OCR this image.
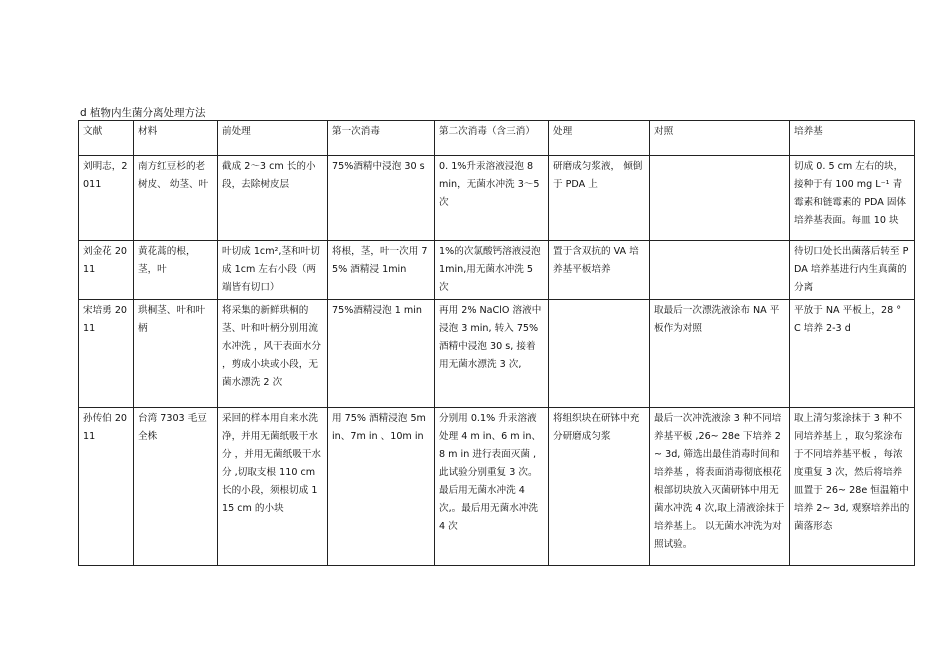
d 植物内生菌分离处理方法
文献	材料	前处理	第一次消毒	第二次消毒（含三消）	处理	对照	培养基
刘明志，2011	南方红豆杉的老树皮、 幼茎、叶	截成 2～3 cm 长的小段，去除树皮层	75%酒精中浸泡 30 s	0. 1%升汞溶液浸泡 8 min，无菌水冲洗 3～5 次	研磨成匀浆液， 倾倒于 PDA 上		切成 0. 5 cm 左右的块，接种于有 100 mg L⁻¹ 青霉素和链霉素的 PDA 固体培养基表面。每皿 10 块
刘金花 2011	黄花蒿的根，茎，叶	叶切成 1cm²,茎和叶切成 1cm 左右小段（两端皆有切口）	将根，茎，叶一次用 75% 酒精浸 1min	1%的次氯酸钙溶液浸泡 1min,用无菌水冲洗 5 次	置于含双抗的 VA 培养基平板培养		待切口处长出菌落后转至 PDA 培养基进行内生真菌的分离
宋培勇 2011	珙桐茎、叶和叶柄	将采集的新鲜珙桐的茎、叶和叶柄分别用流水冲洗 ，风干表面水分 ，剪成小块或小段，无菌水漂洗 2 次	75%酒精浸泡 1 min	再用 2% NaClO 溶液中浸泡 3 min, 转入 75%酒精中浸泡 30 s, 接着用无菌水漂洗 3 次,		取最后一次漂洗液涂布 NA 平板作为对照	平放于 NA 平板上，28 ° C 培养 2-3 d
孙传伯 2011	台湾 7303 毛豆全株	采回的样本用自来水洗净，并用无菌纸吸干水分 ，并用无菌纸吸干水分 ,切取支根 110 cm 长的小段，须根切成 115 cm 的小块	用 75% 酒精浸泡 5m in、7m in 、10m in	分别用 0.1% 升汞溶液处理 4 m in、6 m in、8 m in 进行表面灭菌 ,此试验分别重复 3 次。最后用无菌水冲洗 4 次,。最后用无菌水冲洗 4 次	将组织块在研钵中充分研磨成匀浆	最后一次冲洗液涂 3 种不同培养基平板 ,26~ 28e 下培养 2~ 3d, 筛选出最佳消毒时间和培养基 ，将表面消毒彻底根花根部切块放入灭菌研钵中用无菌水冲洗 4 次,取上清液涂抹于培养基上。 以无菌水冲洗为对照试验。	取上清匀浆涂抹于 3 种不同培养基上 ，取匀浆涂布于不同培养基平板 ，每浓度重复 3 次，然后将培养皿置于 26~ 28e 恒温箱中培养 2~ 3d, 观察培养出的菌落形态
